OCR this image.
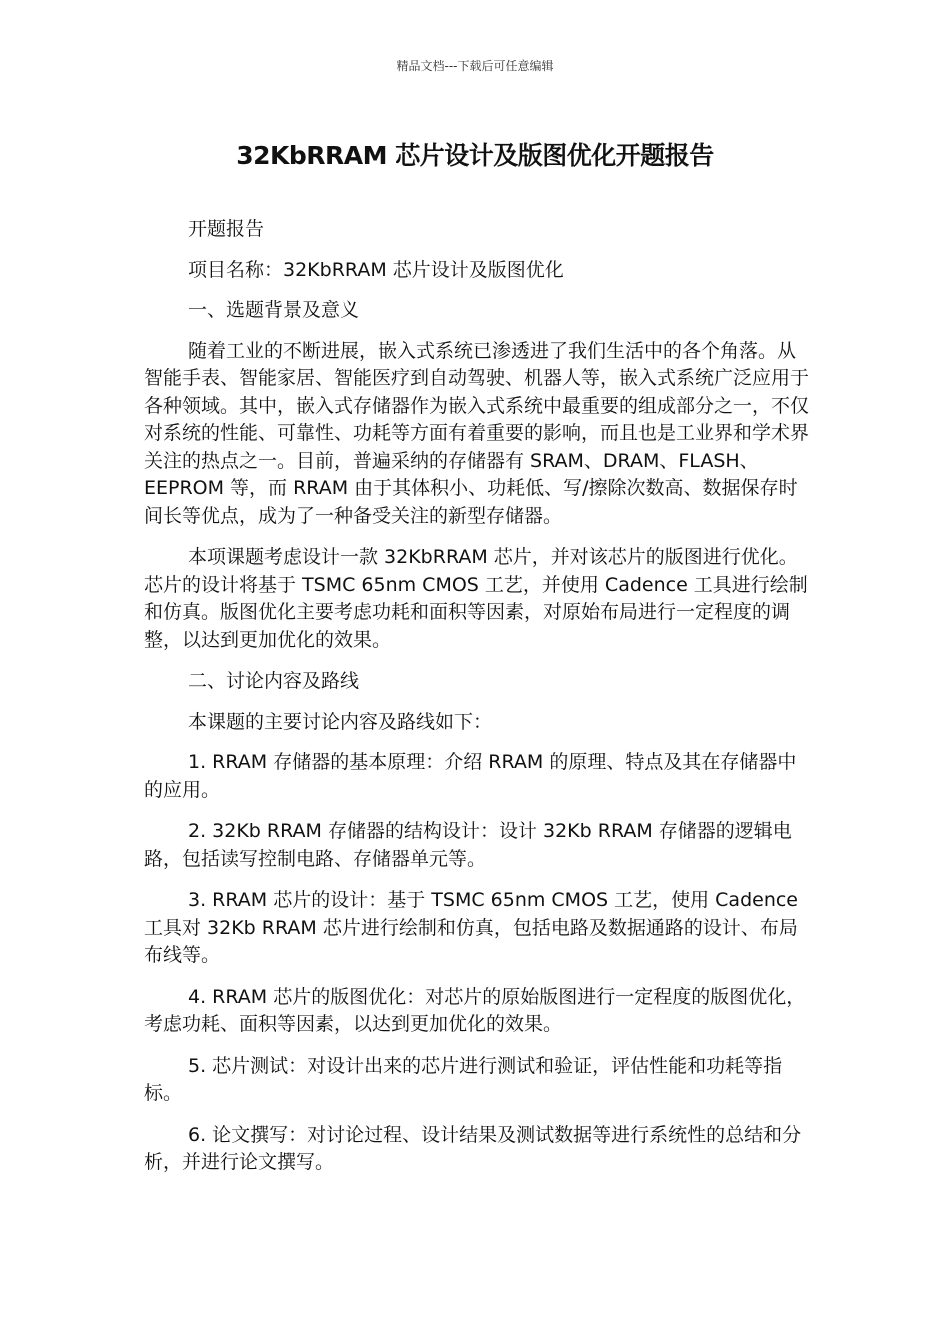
精品文档---下载后可任意编辑
32KbRRAM 芯片设计及版图优化开题报告

开题报告

项目名称：32KbRRAM 芯片设计及版图优化

一、选题背景及意义

随着工业的不断进展，嵌入式系统已渗透进了我们生活中的各个角落。从智能手表、智能家居、智能医疗到自动驾驶、机器人等，嵌入式系统广泛应用于各种领域。其中，嵌入式存储器作为嵌入式系统中最重要的组成部分之一，不仅对系统的性能、可靠性、功耗等方面有着重要的影响，而且也是工业界和学术界关注的热点之一。目前，普遍采纳的存储器有 SRAM、DRAM、FLASH、EEPROM 等，而 RRAM 由于其体积小、功耗低、写/擦除次数高、数据保存时间长等优点，成为了一种备受关注的新型存储器。

本项课题考虑设计一款 32KbRRAM 芯片，并对该芯片的版图进行优化。芯片的设计将基于 TSMC 65nm CMOS 工艺，并使用 Cadence 工具进行绘制和仿真。版图优化主要考虑功耗和面积等因素，对原始布局进行一定程度的调整，以达到更加优化的效果。

二、讨论内容及路线

本课题的主要讨论内容及路线如下：

1. RRAM 存储器的基本原理：介绍 RRAM 的原理、特点及其在存储器中的应用。

2. 32Kb RRAM 存储器的结构设计：设计 32Kb RRAM 存储器的逻辑电路，包括读写控制电路、存储器单元等。

3. RRAM 芯片的设计：基于 TSMC 65nm CMOS 工艺，使用 Cadence 工具对 32Kb RRAM 芯片进行绘制和仿真，包括电路及数据通路的设计、布局布线等。

4. RRAM 芯片的版图优化：对芯片的原始版图进行一定程度的版图优化，考虑功耗、面积等因素，以达到更加优化的效果。

5. 芯片测试：对设计出来的芯片进行测试和验证，评估性能和功耗等指标。

6. 论文撰写：对讨论过程、设计结果及测试数据等进行系统性的总结和分析，并进行论文撰写。
